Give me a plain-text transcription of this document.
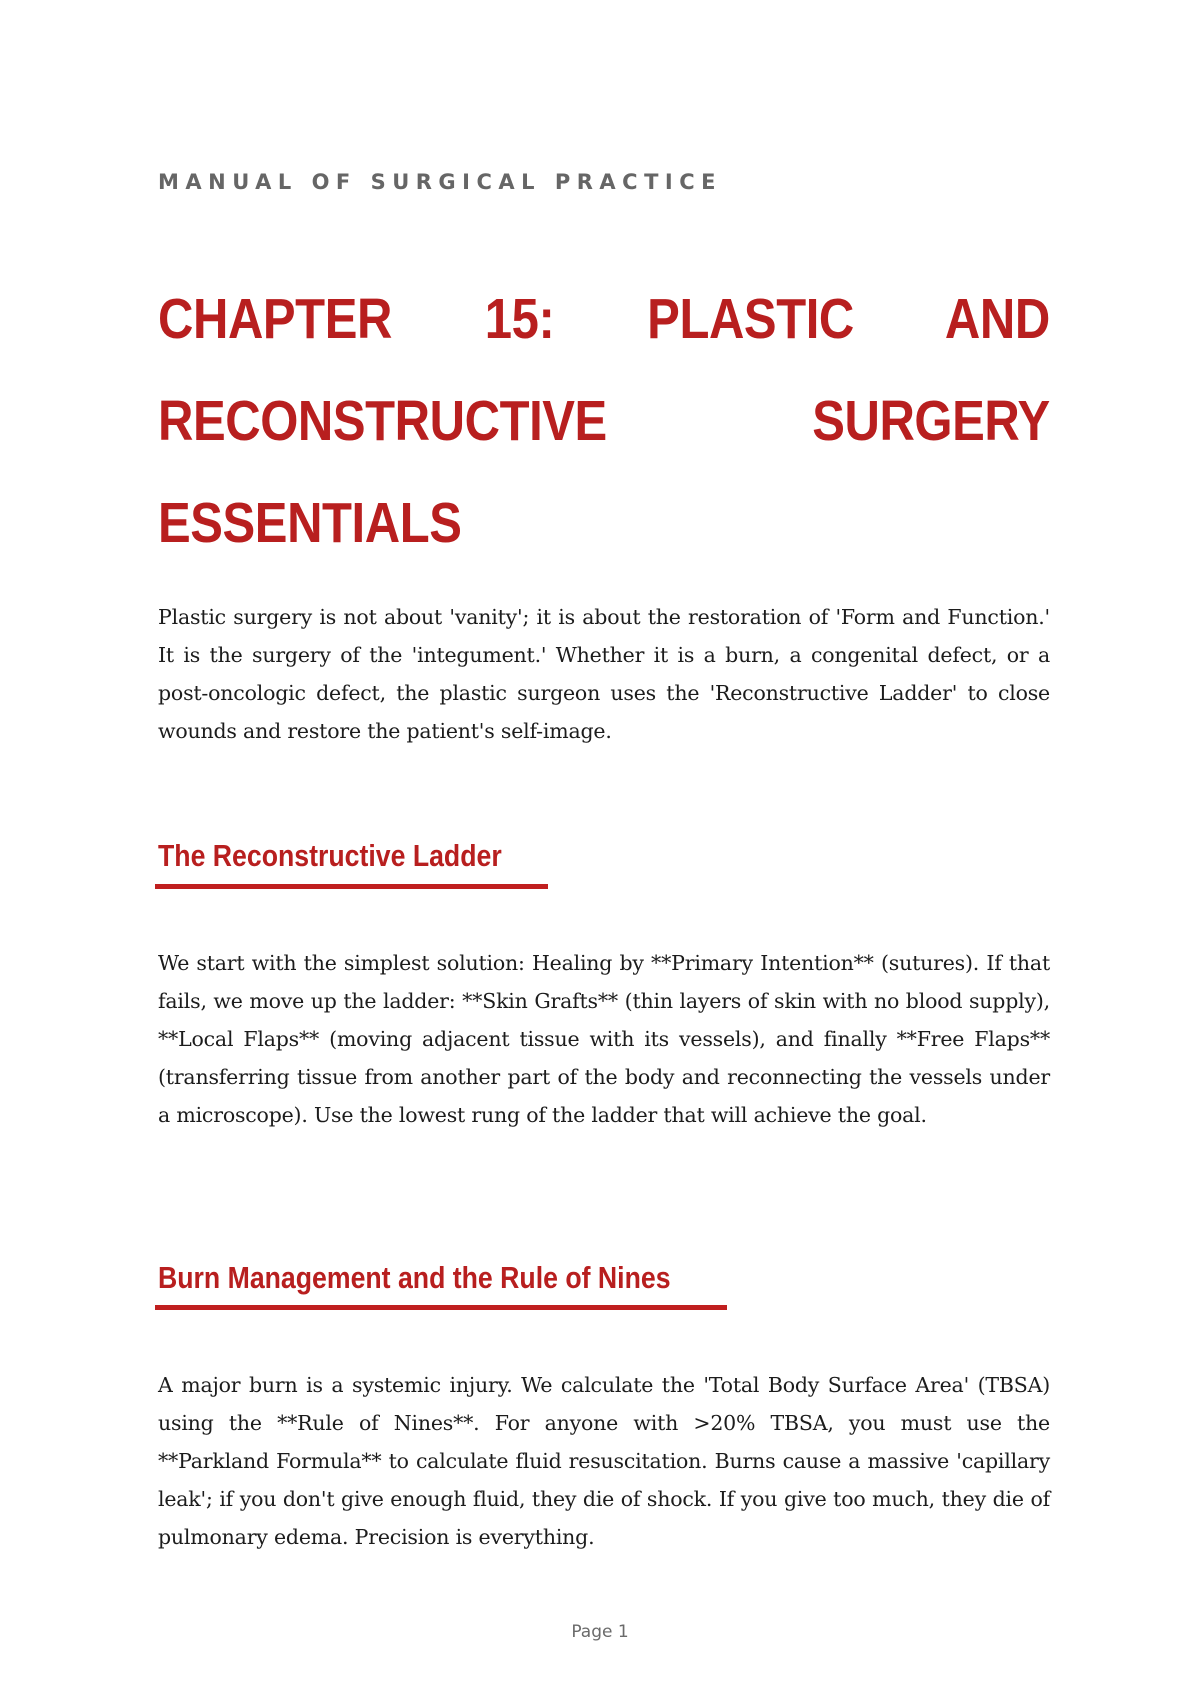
MANUAL OF SURGICAL PRACTICE
CHAPTER 15: PLASTIC AND RECONSTRUCTIVE SURGERY ESSENTIALS

Plastic surgery is not about 'vanity'; it is about the restoration of 'Form and Function.' It is the surgery of the 'integument.' Whether it is a burn, a congenital defect, or a post-oncologic defect, the plastic surgeon uses the 'Reconstructive Ladder' to close wounds and restore the patient's self-image.

The Reconstructive Ladder

We start with the simplest solution: Healing by **Primary Intention** (sutures). If that fails, we move up the ladder: **Skin Grafts** (thin layers of skin with no blood supply), **Local Flaps** (moving adjacent tissue with its vessels), and finally **Free Flaps** (transferring tissue from another part of the body and reconnecting the vessels under a microscope). Use the lowest rung of the ladder that will achieve the goal.

Burn Management and the Rule of Nines

A major burn is a systemic injury. We calculate the 'Total Body Surface Area' (TBSA) using the **Rule of Nines**. For anyone with >20% TBSA, you must use the **Parkland Formula** to calculate fluid resuscitation. Burns cause a massive 'capillary leak'; if you don't give enough fluid, they die of shock. If you give too much, they die of pulmonary edema. Precision is everything.

Page 1
